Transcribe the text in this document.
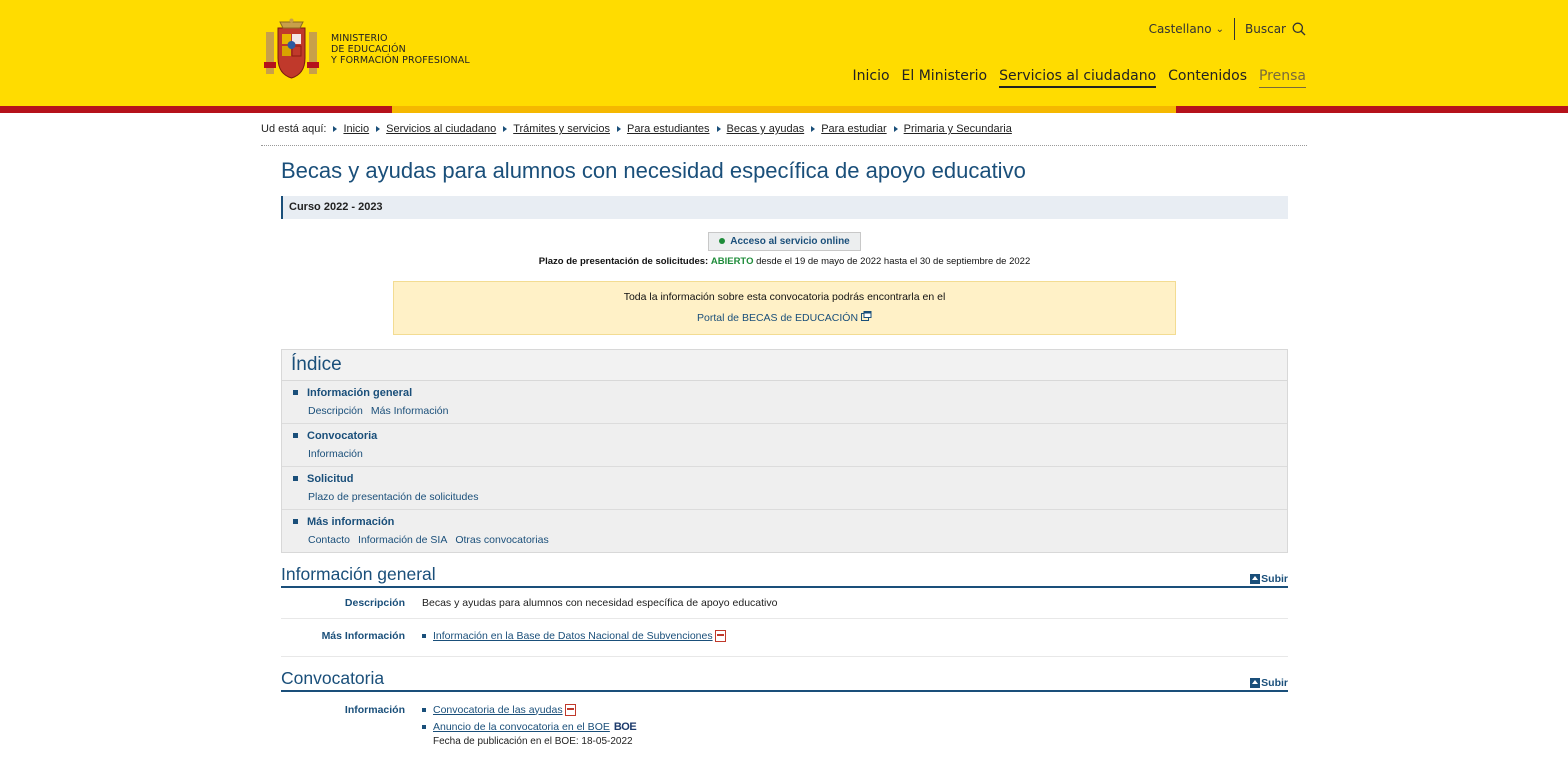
MINISTERIO
DE EDUCACIÓN
Y FORMACIÓN PROFESIONAL
Castellano ⌄ Buscar
Inicio El Ministerio Servicios al ciudadano Contenidos Prensa
Ud está aquí: Inicio Servicios al ciudadano Trámites y servicios Para estudiantes Becas y ayudas Para estudiar Primaria y Secundaria
Becas y ayudas para alumnos con necesidad específica de apoyo educativo
Curso 2022 - 2023
Acceso al servicio online
Plazo de presentación de solicitudes: ABIERTO desde el 19 de mayo de 2022 hasta el 30 de septiembre de 2022
Toda la información sobre esta convocatoria podrás encontrarla en el
Portal de BECAS de EDUCACIÓN
Índice
Información general
Descripción Más Información
Convocatoria
Información
Solicitud
Plazo de presentación de solicitudes
Más información
Contacto Información de SIA Otras convocatorias
Información general	Subir
Descripción	Becas y ayudas para alumnos con necesidad específica de apoyo educativo
Más Información	Información en la Base de Datos Nacional de Subvenciones
Convocatoria	Subir
Información	Convocatoria de las ayudas
Anuncio de la convocatoria en el BOE BOE
Fecha de publicación en el BOE: 18-05-2022
